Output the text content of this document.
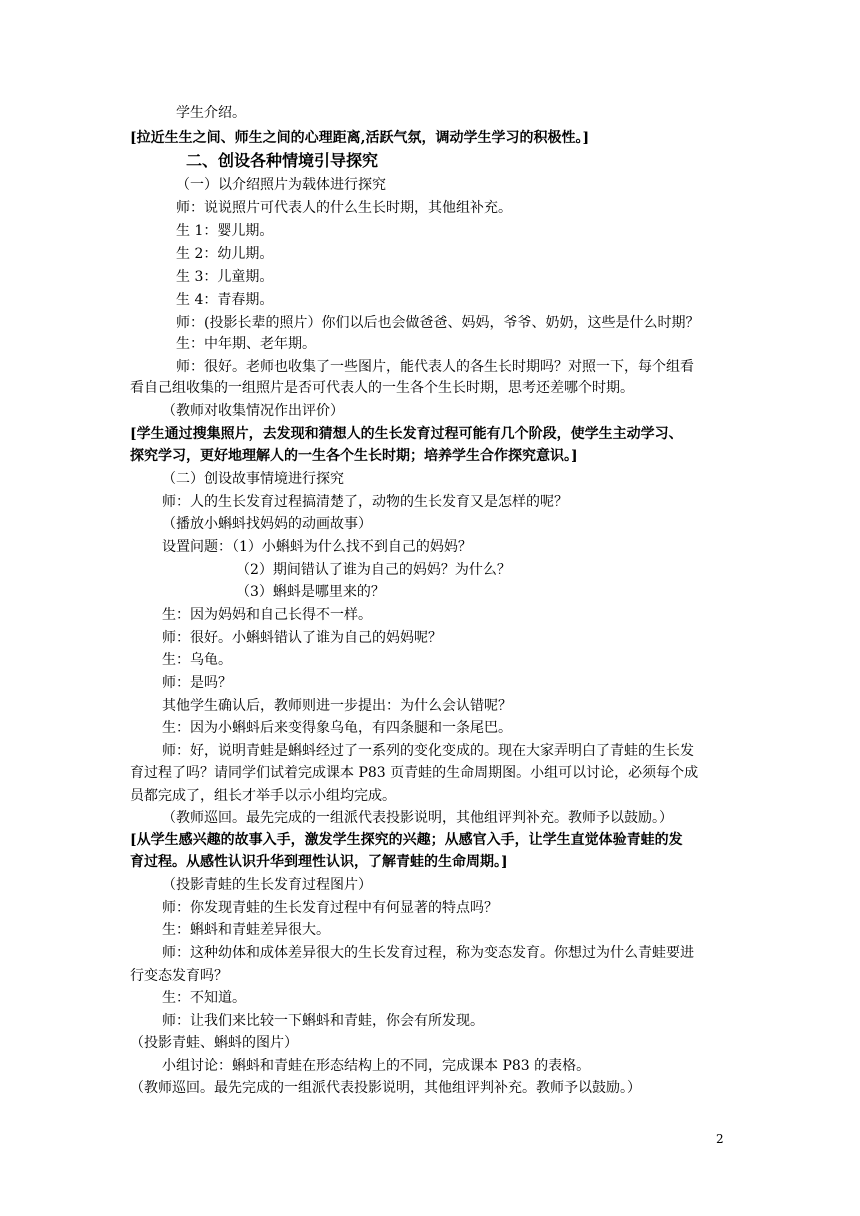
学生介绍。
[拉近生生之间、师生之间的心理距离,活跃气氛，调动学生学习的积极性。]
二、创设各种情境引导探究
（一）以介绍照片为载体进行探究
师：说说照片可代表人的什么生长时期，其他组补充。
生 1：婴儿期。
生 2：幼儿期。
生 3：儿童期。
生 4：青春期。
师：(投影长辈的照片）你们以后也会做爸爸、妈妈，爷爷、奶奶，这些是什么时期？
生：中年期、老年期。
师：很好。老师也收集了一些图片，能代表人的各生长时期吗？对照一下，每个组看
看自己组收集的一组照片是否可代表人的一生各个生长时期，思考还差哪个时期。
（教师对收集情况作出评价）
[学生通过搜集照片，去发现和猜想人的生长发育过程可能有几个阶段，使学生主动学习、
探究学习，更好地理解人的一生各个生长时期；培养学生合作探究意识。]
（二）创设故事情境进行探究
师：人的生长发育过程搞清楚了，动物的生长发育又是怎样的呢？
（播放小蝌蚪找妈妈的动画故事）
设置问题：（1）小蝌蚪为什么找不到自己的妈妈？
（2）期间错认了谁为自己的妈妈？为什么？
（3）蝌蚪是哪里来的？
生：因为妈妈和自己长得不一样。
师：很好。小蝌蚪错认了谁为自己的妈妈呢？
生：乌龟。
师：是吗？
其他学生确认后，教师则进一步提出：为什么会认错呢？
生：因为小蝌蚪后来变得象乌龟，有四条腿和一条尾巴。
师：好，说明青蛙是蝌蚪经过了一系列的变化变成的。现在大家弄明白了青蛙的生长发
育过程了吗？请同学们试着完成课本 P83 页青蛙的生命周期图。小组可以讨论，必须每个成
员都完成了，组长才举手以示小组均完成。
（教师巡回。最先完成的一组派代表投影说明，其他组评判补充。教师予以鼓励。）
[从学生感兴趣的故事入手，激发学生探究的兴趣；从感官入手，让学生直觉体验青蛙的发
育过程。从感性认识升华到理性认识，了解青蛙的生命周期。]
（投影青蛙的生长发育过程图片）
师：你发现青蛙的生长发育过程中有何显著的特点吗？
生：蝌蚪和青蛙差异很大。
师：这种幼体和成体差异很大的生长发育过程，称为变态发育。你想过为什么青蛙要进
行变态发育吗？
生：不知道。
师：让我们来比较一下蝌蚪和青蛙，你会有所发现。
（投影青蛙、蝌蚪的图片）
小组讨论：蝌蚪和青蛙在形态结构上的不同，完成课本 P83 的表格。
（教师巡回。最先完成的一组派代表投影说明，其他组评判补充。教师予以鼓励。）
2
